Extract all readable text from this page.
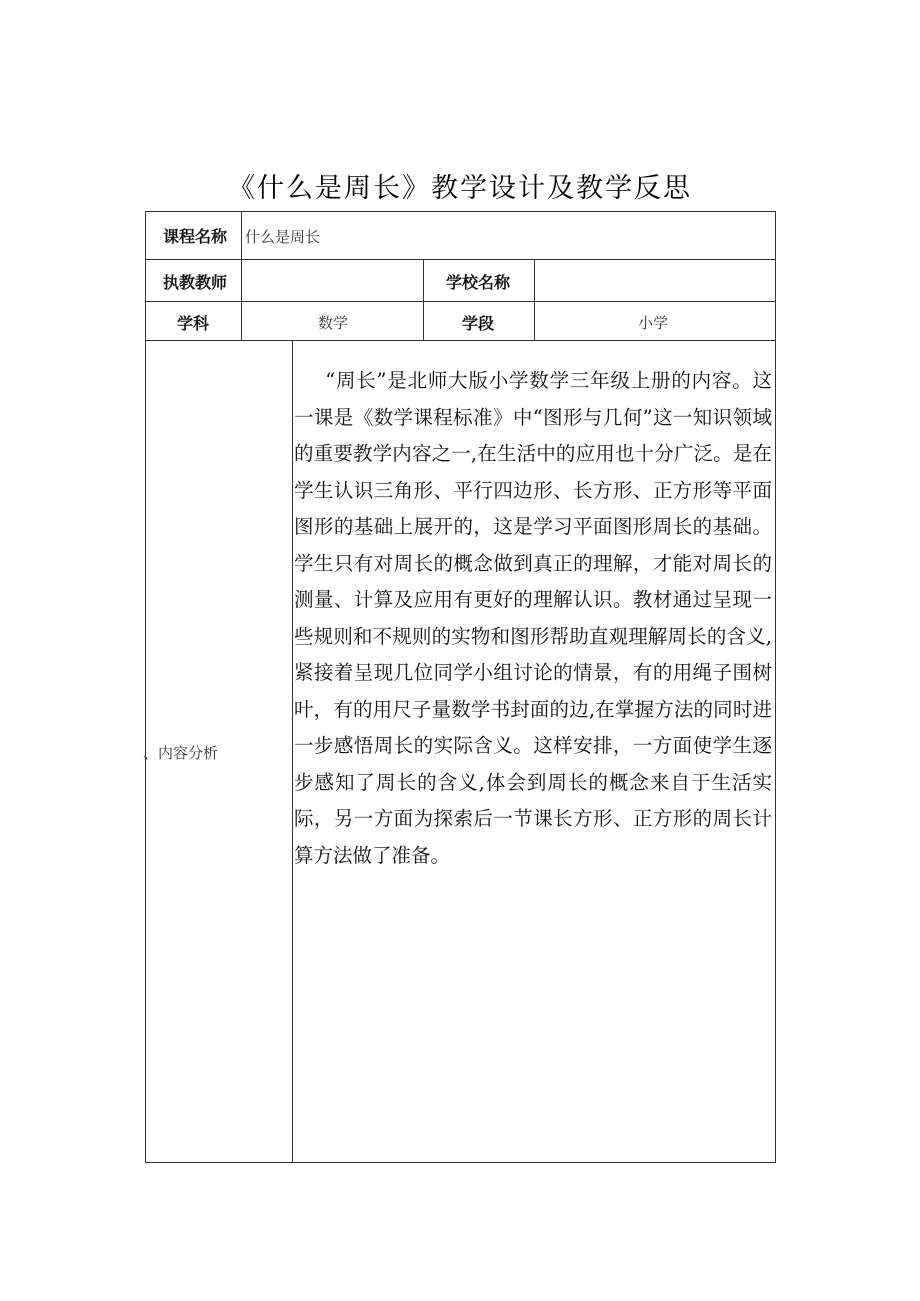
《什么是周长》教学设计及教学反思
课程名称 什么是周长
执教教师	学校名称
学科	数学	学段	小学
、内容分析

“周长”是北师大版小学数学三年级上册的内容。这一课是《数学课程标准》中“图形与几何”这一知识领域的重要教学内容之一,在生活中的应用也十分广泛。是在学生认识三角形、平行四边形、长方形、正方形等平面图形的基础上展开的，这是学习平面图形周长的基础。学生只有对周长的概念做到真正的理解，才能对周长的测量、计算及应用有更好的理解认识。教材通过呈现一些规则和不规则的实物和图形帮助直观理解周长的含义,紧接着呈现几位同学小组讨论的情景，有的用绳子围树叶，有的用尺子量数学书封面的边,在掌握方法的同时进一步感悟周长的实际含义。这样安排，一方面使学生逐步感知了周长的含义,体会到周长的概念来自于生活实际，另一方面为探索后一节课长方形、正方形的周长计算方法做了准备。
